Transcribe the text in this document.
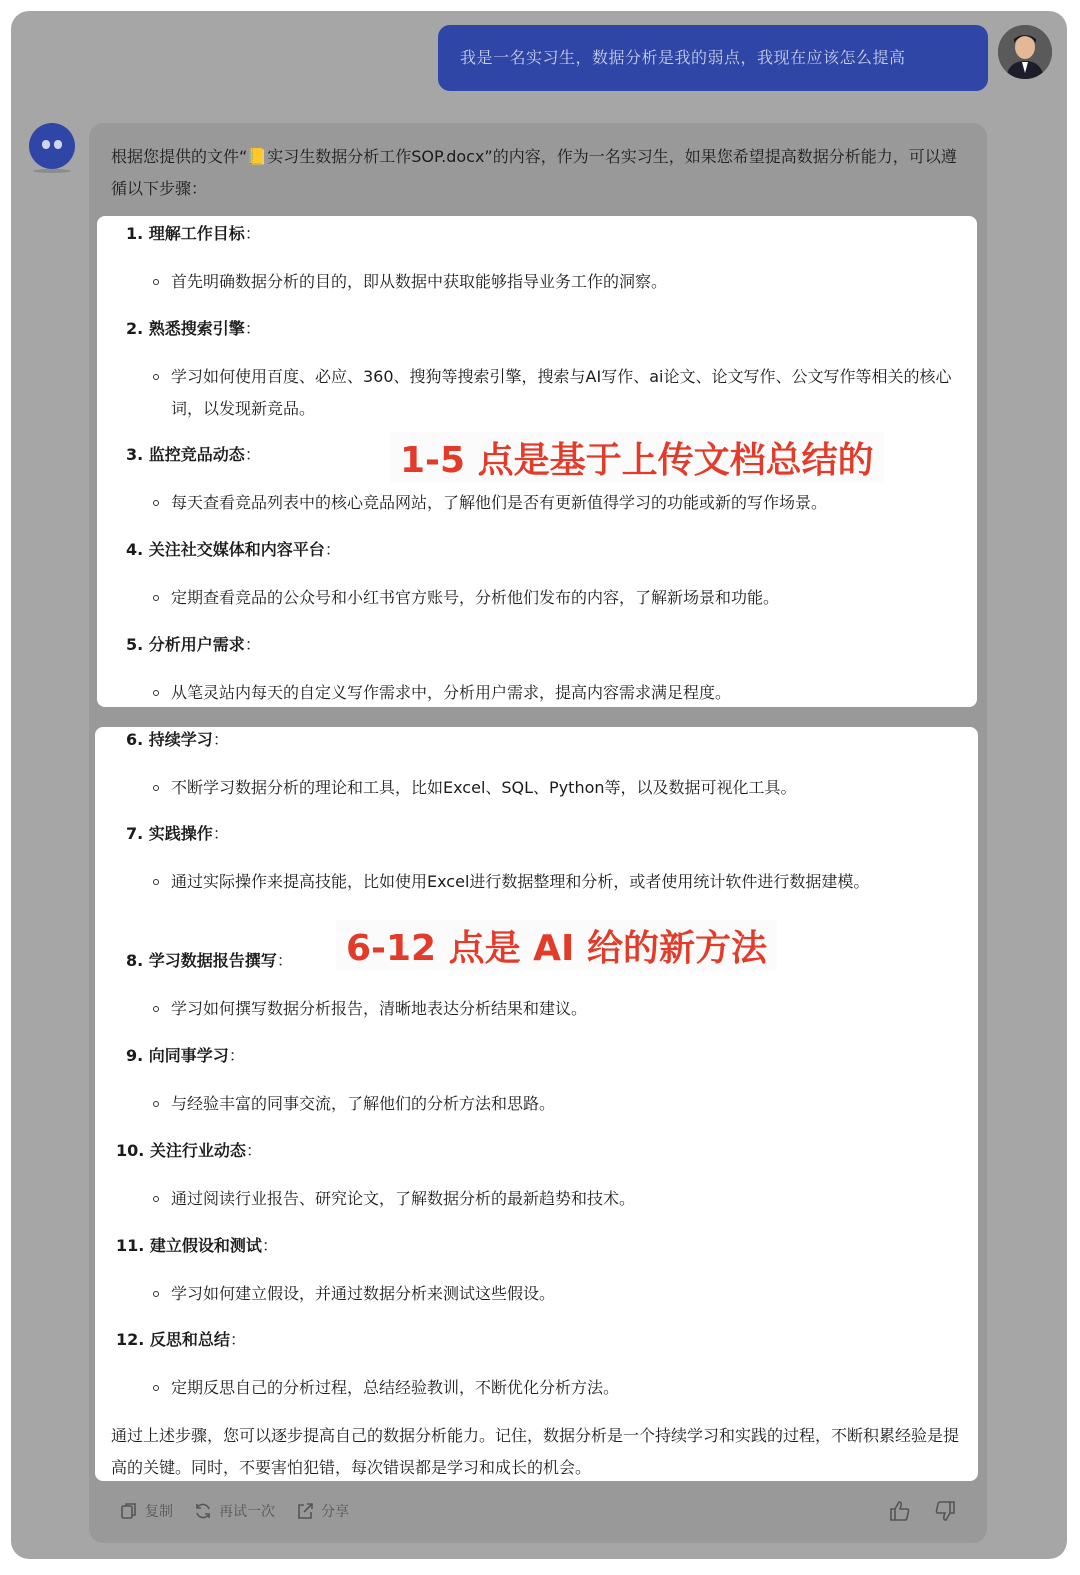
我是一名实习生，数据分析是我的弱点，我现在应该怎么提高
根据您提供的文件“📒实习生数据分析工作SOP.docx”的内容，作为一名实习生，如果您希望提高数据分析能力，可以遵循以下步骤：
1. 理解工作目标：
首先明确数据分析的目的，即从数据中获取能够指导业务工作的洞察。
2. 熟悉搜索引擎：
学习如何使用百度、必应、360、搜狗等搜索引擎，搜索与AI写作、ai论文、论文写作、公文写作等相关的核心词，以发现新竞品。
3. 监控竞品动态：
每天查看竞品列表中的核心竞品网站，了解他们是否有更新值得学习的功能或新的写作场景。
4. 关注社交媒体和内容平台：
定期查看竞品的公众号和小红书官方账号，分析他们发布的内容，了解新场景和功能。
5. 分析用户需求：
从笔灵站内每天的自定义写作需求中，分析用户需求，提高内容需求满足程度。
6. 持续学习：
不断学习数据分析的理论和工具，比如Excel、SQL、Python等，以及数据可视化工具。
7. 实践操作：
通过实际操作来提高技能，比如使用Excel进行数据整理和分析，或者使用统计软件进行数据建模。
8. 学习数据报告撰写：
学习如何撰写数据分析报告，清晰地表达分析结果和建议。
9. 向同事学习：
与经验丰富的同事交流，了解他们的分析方法和思路。
10. 关注行业动态：
通过阅读行业报告、研究论文，了解数据分析的最新趋势和技术。
11. 建立假设和测试：
学习如何建立假设，并通过数据分析来测试这些假设。
12. 反思和总结：
定期反思自己的分析过程，总结经验教训，不断优化分析方法。
1-5 点是基于上传文档总结的
6-12 点是 AI 给的新方法
通过上述步骤，您可以逐步提高自己的数据分析能力。记住，数据分析是一个持续学习和实践的过程，不断积累经验是提高的关键。同时，不要害怕犯错，每次错误都是学习和成长的机会。
复制	再试一次	分享
